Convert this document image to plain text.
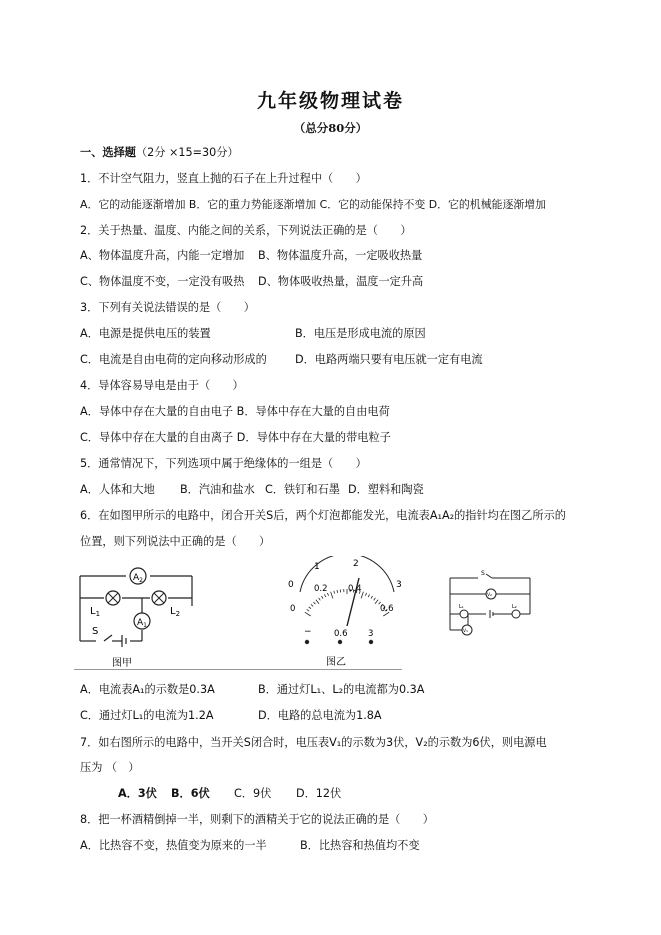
九年级物理试卷
（总分80分）
一、选择题（2分 ×15=30分）
1．不计空气阻力，竖直上抛的石子在上升过程中（　　）
A．它的动能逐渐增加 B．它的重力势能逐渐增加 C．它的动能保持不变 D．它的机械能逐渐增加
2．关于热量、温度、内能之间的关系，下列说法正确的是（　　）
A、物体温度升高，内能一定增加 B、物体温度升高，一定吸收热量
C、物体温度不变，一定没有吸热 D、物体吸收热量，温度一定升高
3．下列有关说法错误的是（　　）
A．电源是提供电压的装置	B．电压是形成电流的原因
C．电流是自由电荷的定向移动形成的	D．电路两端只要有电压就一定有电流
4．导体容易导电是由于（　　）
A．导体中存在大量的自由电子 B．导体中存在大量的自由电荷
C．导体中存在大量的自由离子 D．导体中存在大量的带电粒子
5．通常情况下，下列选项中属于绝缘体的一组是（　　）
A．人体和大地 B．汽油和盐水 C．铁钉和石墨 D．塑料和陶瓷
6．在如图甲所示的电路中，闭合开关S后，两个灯泡都能发光，电流表A₁A₂的指针均在图乙所示的
位置，则下列说法中正确的是（　　）
$A_2$
$L_1$	$L_2$
$A_1$
S
图甲
0
1	2
3
0
0.2 0.4
0.6
−	0.6 3
图乙
S
L₁	L₂
V₂
V₁
A．电流表A₁的示数是0.3A	B．通过灯L₁、L₂的电流都为0.3A
C．通过灯L₁的电流为1.2A	D．电路的总电流为1.8A
7．如右图所示的电路中，当开关S闭合时，电压表V₁的示数为3伏，V₂的示数为6伏，则电源电
压为 （　）
A．3伏 B．6伏 C．9伏 D．12伏
8．把一杯酒精倒掉一半，则剩下的酒精关于它的说法正确的是（　　）
A．比热容不变，热值变为原来的一半	B．比热容和热值均不变
